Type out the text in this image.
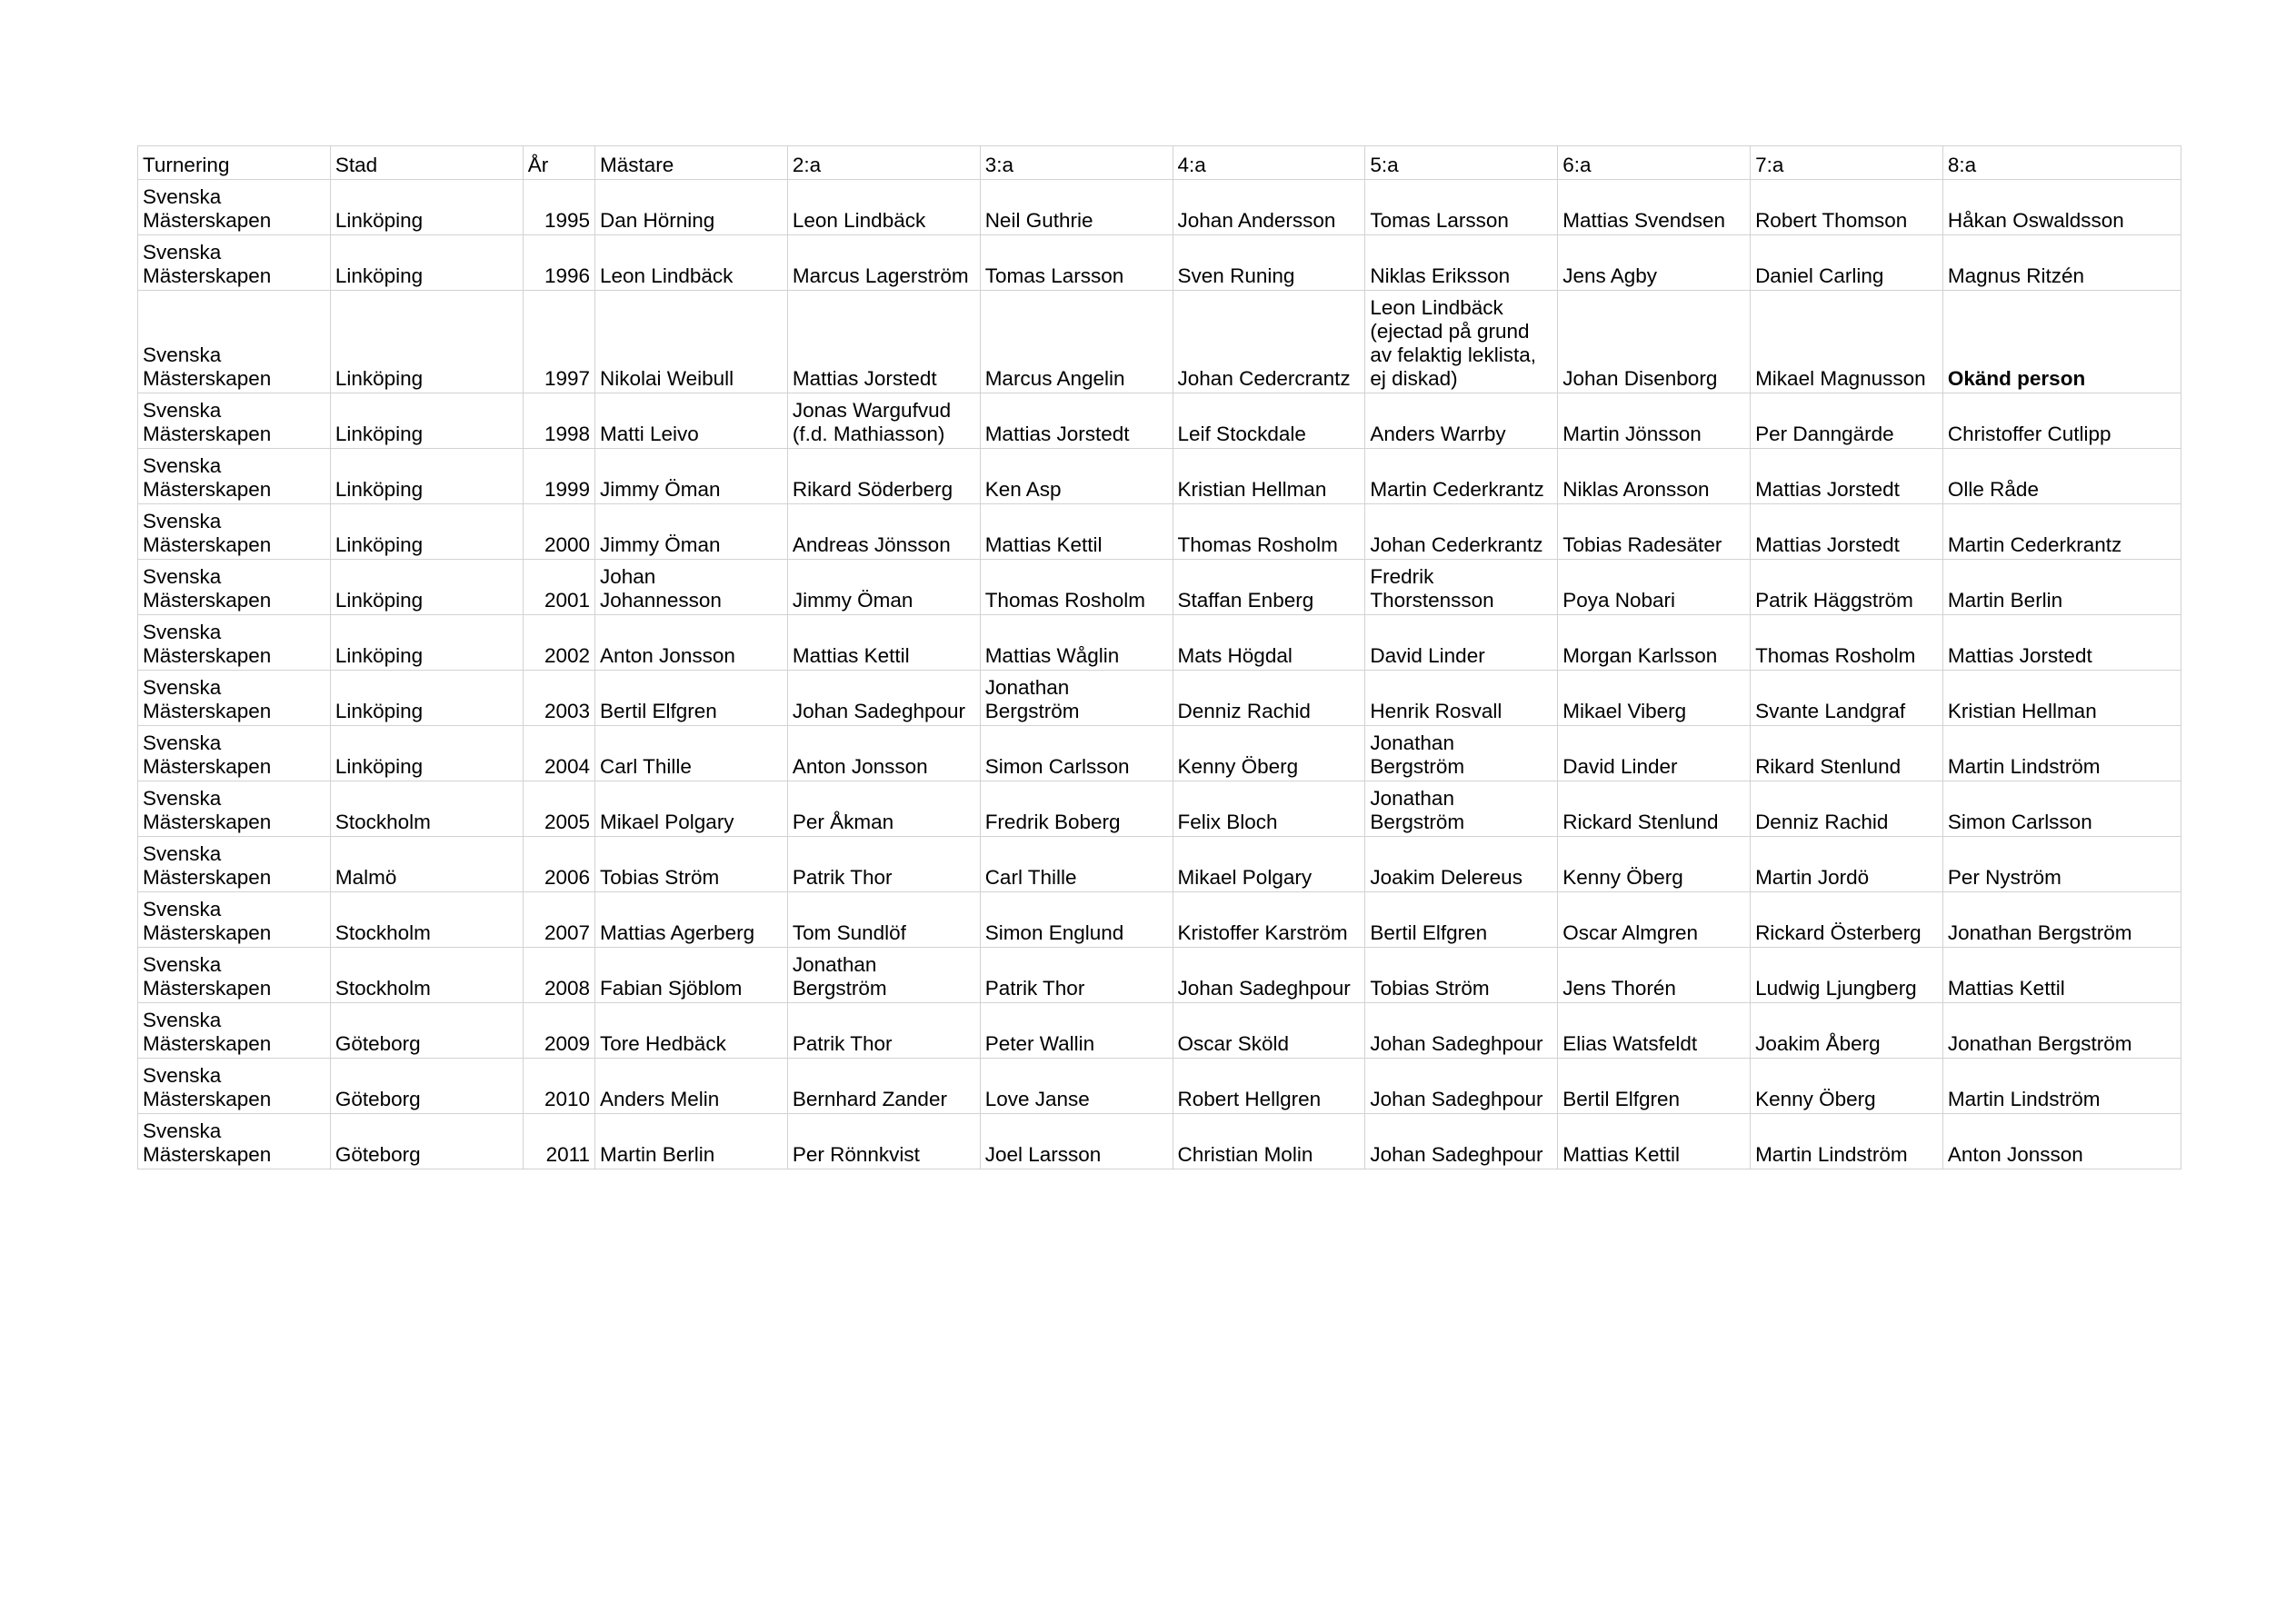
Turnering	Stad	År	Mästare	2:a	3:a	4:a	5:a	6:a	7:a	8:a
Svenska Mästerskapen	Linköping	1995	Dan Hörning	Leon Lindbäck	Neil Guthrie	Johan Andersson	Tomas Larsson	Mattias Svendsen	Robert Thomson	Håkan Oswaldsson
Svenska Mästerskapen	Linköping	1996	Leon Lindbäck	Marcus Lagerström	Tomas Larsson	Sven Runing	Niklas Eriksson	Jens Agby	Daniel Carling	Magnus Ritzén
Svenska Mästerskapen	Linköping	1997	Nikolai Weibull	Mattias Jorstedt	Marcus Angelin	Johan Cedercrantz	Leon Lindbäck (ejectad på grund av felaktig leklista, ej diskad)	Johan Disenborg	Mikael Magnusson	Okänd person
Svenska Mästerskapen	Linköping	1998	Matti Leivo	Jonas Wargufvud (f.d. Mathiasson)	Mattias Jorstedt	Leif Stockdale	Anders Warrby	Martin Jönsson	Per Danngärde	Christoffer Cutlipp
Svenska Mästerskapen	Linköping	1999	Jimmy Öman	Rikard Söderberg	Ken Asp	Kristian Hellman	Martin Cederkrantz	Niklas Aronsson	Mattias Jorstedt	Olle Råde
Svenska Mästerskapen	Linköping	2000	Jimmy Öman	Andreas Jönsson	Mattias Kettil	Thomas Rosholm	Johan Cederkrantz	Tobias Radesäter	Mattias Jorstedt	Martin Cederkrantz
Svenska Mästerskapen	Linköping	2001	Johan Johannesson	Jimmy Öman	Thomas Rosholm	Staffan Enberg	Fredrik Thorstensson	Poya Nobari	Patrik Häggström	Martin Berlin
Svenska Mästerskapen	Linköping	2002	Anton Jonsson	Mattias Kettil	Mattias Wåglin	Mats Högdal	David Linder	Morgan Karlsson	Thomas Rosholm	Mattias Jorstedt
Svenska Mästerskapen	Linköping	2003	Bertil Elfgren	Johan Sadeghpour	Jonathan Bergström	Denniz Rachid	Henrik Rosvall	Mikael Viberg	Svante Landgraf	Kristian Hellman
Svenska Mästerskapen	Linköping	2004	Carl Thille	Anton Jonsson	Simon Carlsson	Kenny Öberg	Jonathan Bergström	David Linder	Rikard Stenlund	Martin Lindström
Svenska Mästerskapen	Stockholm	2005	Mikael Polgary	Per Åkman	Fredrik Boberg	Felix Bloch	Jonathan Bergström	Rickard Stenlund	Denniz Rachid	Simon Carlsson
Svenska Mästerskapen	Malmö	2006	Tobias Ström	Patrik Thor	Carl Thille	Mikael Polgary	Joakim Delereus	Kenny Öberg	Martin Jordö	Per Nyström
Svenska Mästerskapen	Stockholm	2007	Mattias Agerberg	Tom Sundlöf	Simon Englund	Kristoffer Karström	Bertil Elfgren	Oscar Almgren	Rickard Österberg	Jonathan Bergström
Svenska Mästerskapen	Stockholm	2008	Fabian Sjöblom	Jonathan Bergström	Patrik Thor	Johan Sadeghpour	Tobias Ström	Jens Thorén	Ludwig Ljungberg	Mattias Kettil
Svenska Mästerskapen	Göteborg	2009	Tore Hedbäck	Patrik Thor	Peter Wallin	Oscar Sköld	Johan Sadeghpour	Elias Watsfeldt	Joakim Åberg	Jonathan Bergström
Svenska Mästerskapen	Göteborg	2010	Anders Melin	Bernhard Zander	Love Janse	Robert Hellgren	Johan Sadeghpour	Bertil Elfgren	Kenny Öberg	Martin Lindström
Svenska Mästerskapen	Göteborg	2011	Martin Berlin	Per Rönnkvist	Joel Larsson	Christian Molin	Johan Sadeghpour	Mattias Kettil	Martin Lindström	Anton Jonsson
